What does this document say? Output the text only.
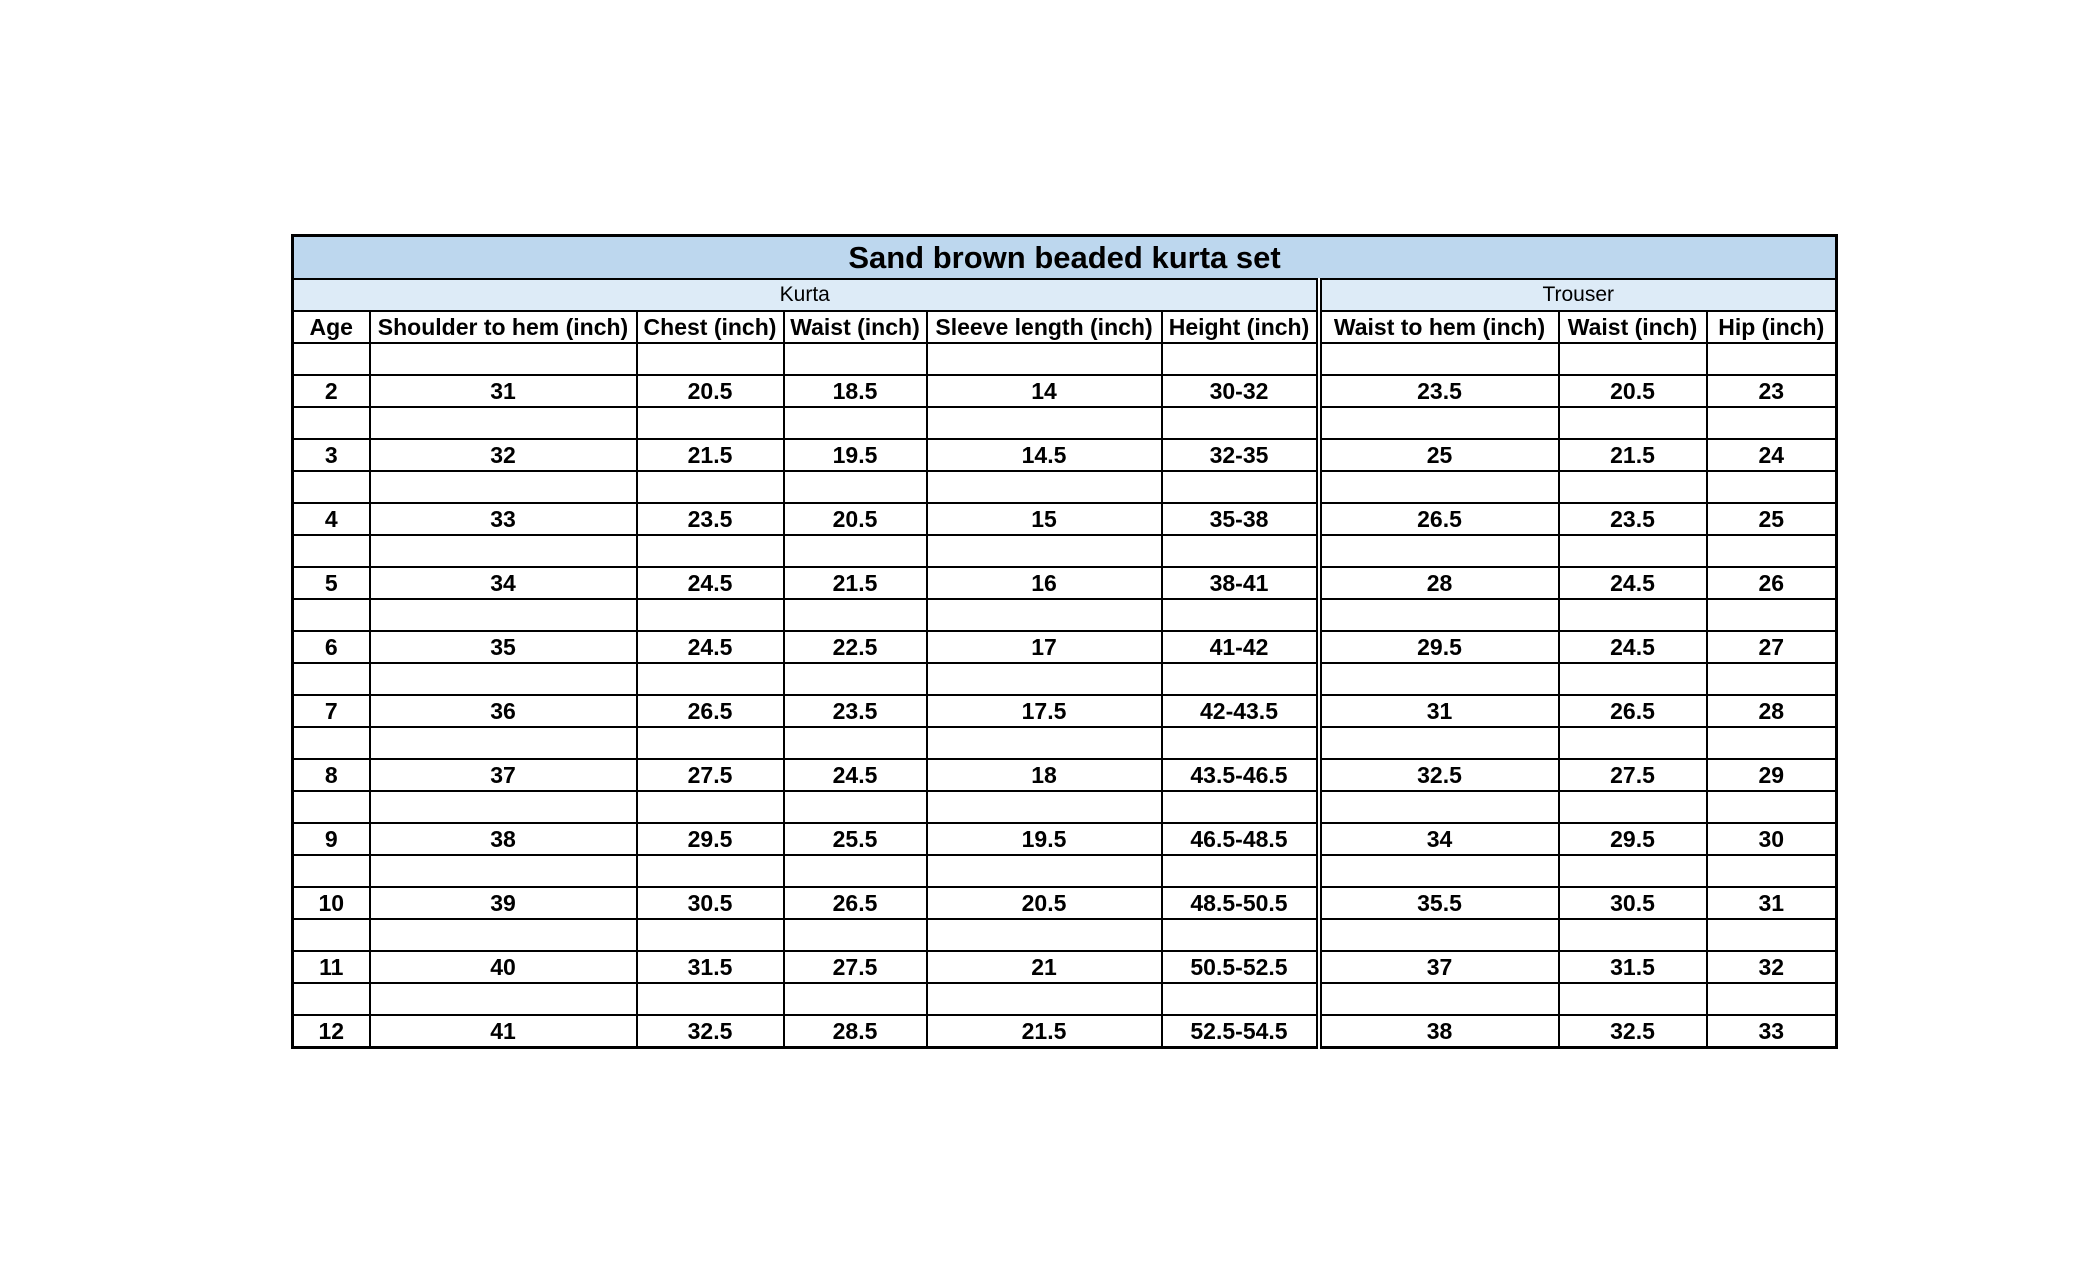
Sand brown beaded kurta set								
Kurta						Trouser		
Age	Shoulder to hem (inch)	Chest (inch)	Waist (inch)	Sleeve length (inch)	Height (inch)	Waist to hem (inch)	Waist (inch)	Hip (inch)

2	31	20.5	18.5	14	30-32	23.5	20.5	23

3	32	21.5	19.5	14.5	32-35	25	21.5	24

4	33	23.5	20.5	15	35-38	26.5	23.5	25

5	34	24.5	21.5	16	38-41	28	24.5	26

6	35	24.5	22.5	17	41-42	29.5	24.5	27

7	36	26.5	23.5	17.5	42-43.5	31	26.5	28

8	37	27.5	24.5	18	43.5-46.5	32.5	27.5	29

9	38	29.5	25.5	19.5	46.5-48.5	34	29.5	30

10	39	30.5	26.5	20.5	48.5-50.5	35.5	30.5	31

11	40	31.5	27.5	21	50.5-52.5	37	31.5	32

12	41	32.5	28.5	21.5	52.5-54.5	38	32.5	33
